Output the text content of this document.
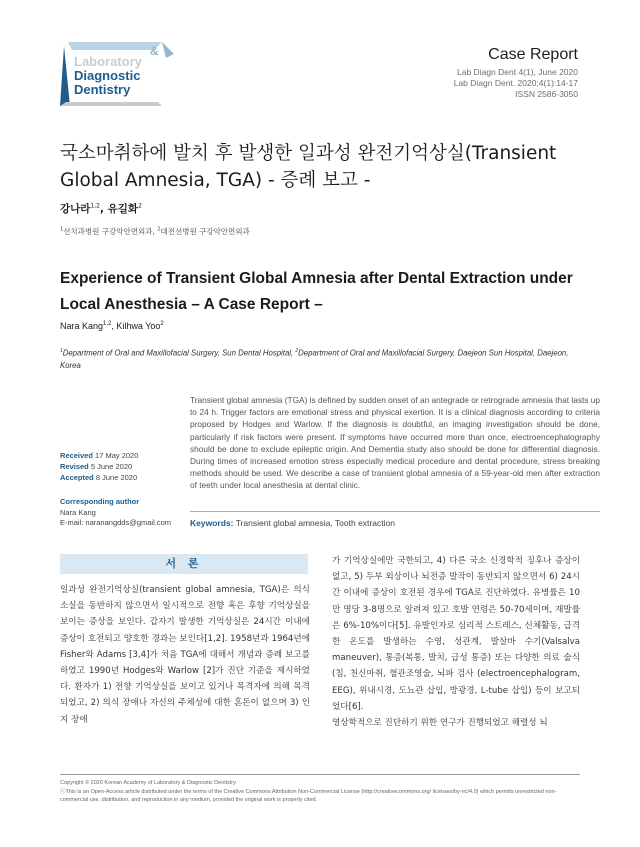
Laboratory
Diagnostic
Dentistry
&	Case Report
Lab Diagn Dent 4(1), June 2020
Lab Diagn Dent. 2020;4(1):14-17
ISSN 2586-3050
국소마취하에 발치 후 발생한 일과성 완전기억상실(Transient Global Amnesia, TGA) - 증례 보고 -
강나라$^{1,2}$, 유길화$^2$
$^1$선치과병원 구강악안면외과, $^2$대전선병원 구강악안면외과
Experience of Transient Global Amnesia after Dental Extraction under Local Anesthesia – A Case Report –
Nara Kang$^{1,2}$, Kilhwa Yoo$^2$
$^1$Department of Oral and Maxillofacial Surgery, Sun Dental Hospital, $^2$Department of Oral and Maxillofacial Surgery, Daejeon Sun Hospital, Daejeon, Korea
Received 17 May 2020
Revised 5 June 2020
Accepted 8 June 2020
Corresponding author
Nara Kang
E-mail: naranangdds@gmail.com

Transient global amnesia (TGA) is defined by sudden onset of an antegrade or retrograde amnesia that lasts up to 24 h. Trigger factors are emotional stress and physical exertion. It is a clinical diagnosis according to criteria proposed by Hodges and Warlow. If the diagnosis is doubtful, an imaging investigation should be done, particularly if risk factors were present. If symptoms have occurred more than once, electroencephalography should be done to exclude epileptic origin. And Dementia study also should be done for differential diagnosis. During times of increased emotion stress especially medical procedure and dental procedure, stress breaking methods should be used. We describe a case of transient global amnesia of a 59-year-old men after extraction of teeth under local anesthesia at dental clinic.

Keywords: Transient global amnesia, Tooth extraction
서 론

일과성 완전기억상실(transient global amnesia, TGA)은 의식 소실을 동반하지 않으면서 일시적으로 전향 혹은 후향 기억상실을 보이는 증상을 보인다. 갑자기 발생한 기억상실은 24시간 이내에 증상이 호전되고 양호한 경과는 보인다[1,2]. 1958년과 1964년에 Fisher와 Adams [3,4]가 처음 TGA에 대해서 개념과 증례 보고를 하였고 1990년 Hodges와 Warlow [2]가 진단 기준을 제시하였다. 환자가 1) 전향 기억상실을 보이고 있거나 목격자에 의해 목격되었고, 2) 의식 장애나 자신의 주체성에 대한 혼돈이 없으며 3) 인지 장애

가 기억상실에만 국한되고, 4) 다른 국소 신경학적 징후나 증상이 없고, 5) 두부 외상이나 뇌전증 발작이 동반되지 않으면서 6) 24시간 이내에 증상이 호전된 경우에 TGA로 진단하였다. 유병률은 10만 명당 3-8명으로 알려져 있고 호발 연령은 50-70세이며, 재발률은 6%-10%이다[5]. 유발인자로 심리적 스트레스, 신체활동, 급격한 온도를 발생하는 수영, 성관계, 발살바 수기(Valsalva maneuver), 통증(복통, 발치, 급성 통증) 또는 다양한 의료 술식(침, 천신마취, 혈관조영술, 뇌파 검사 (electroencephalogram, EEG), 위내시경, 도뇨관 삽입, 방광경, L-tube 삽입) 등이 보고되었다[6].
영상학적으로 진단하기 위한 연구가 진행되었고 해렬성 뇌

Copyright © 2020 Korean Academy of Laboratory & Diagnostic Dentistry
ⓒThis is an Open-Access article distributed under the terms of the Creative Commons Attribution Non-Commercial License (http://creativecommons.org/ licenses/by-nc/4.0) which permits unrestricted non-commercial use, distribution, and reproduction in any medium, provided the original work is properly cited.
